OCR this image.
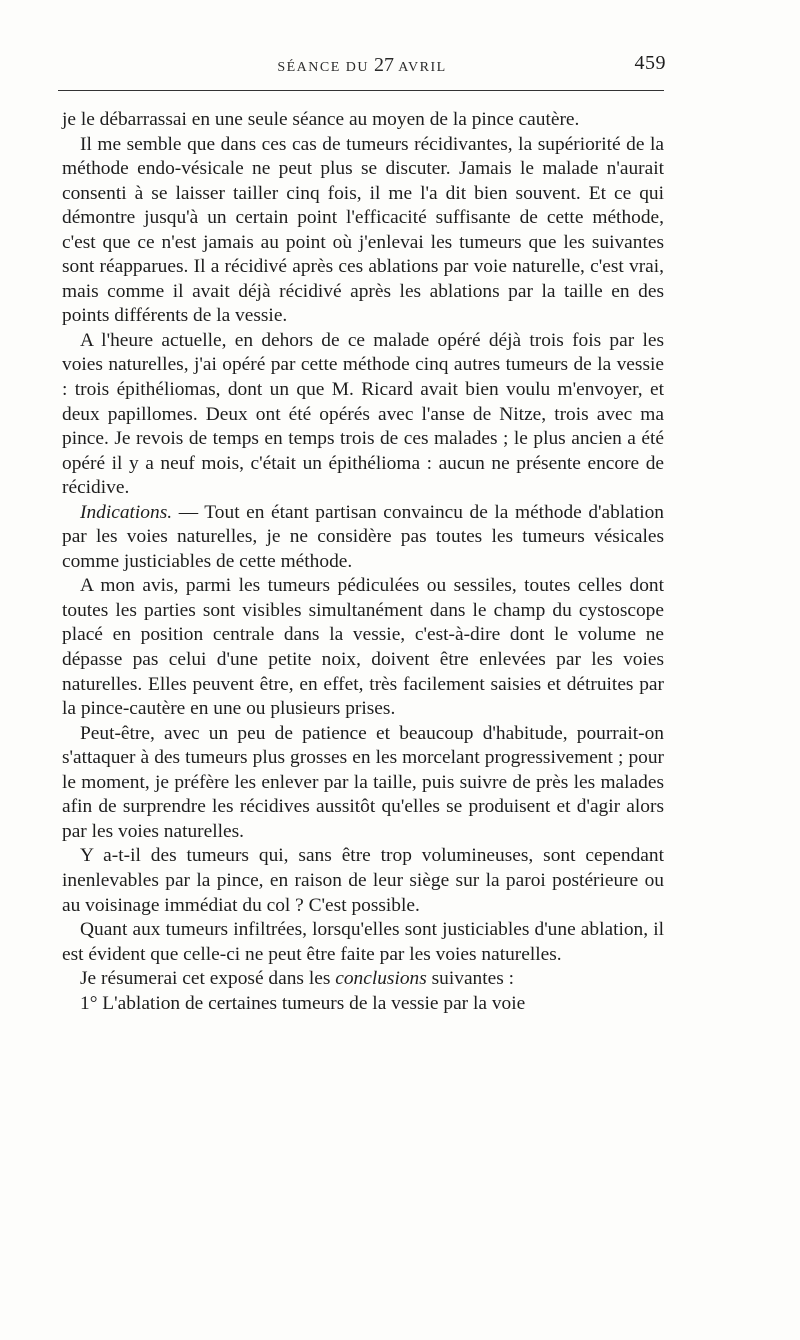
SÉANCE DU 27 AVRIL	459

je le débarrassai en une seule séance au moyen de la pince cautère.

Il me semble que dans ces cas de tumeurs récidivantes, la supériorité de la méthode endo-vésicale ne peut plus se discuter. Jamais le malade n'aurait consenti à se laisser tailler cinq fois, il me l'a dit bien souvent. Et ce qui démontre jusqu'à un certain point l'efficacité suffisante de cette méthode, c'est que ce n'est jamais au point où j'enlevai les tumeurs que les suivantes sont réapparues. Il a récidivé après ces ablations par voie naturelle, c'est vrai, mais comme il avait déjà récidivé après les ablations par la taille en des points différents de la vessie.

A l'heure actuelle, en dehors de ce malade opéré déjà trois fois par les voies naturelles, j'ai opéré par cette méthode cinq autres tumeurs de la vessie : trois épithéliomas, dont un que M. Ricard avait bien voulu m'envoyer, et deux papillomes. Deux ont été opérés avec l'anse de Nitze, trois avec ma pince. Je revois de temps en temps trois de ces malades ; le plus ancien a été opéré il y a neuf mois, c'était un épithélioma : aucun ne présente encore de récidive.

Indications. — Tout en étant partisan convaincu de la méthode d'ablation par les voies naturelles, je ne considère pas toutes les tumeurs vésicales comme justiciables de cette méthode.

A mon avis, parmi les tumeurs pédiculées ou sessiles, toutes celles dont toutes les parties sont visibles simultanément dans le champ du cystoscope placé en position centrale dans la vessie, c'est-à-dire dont le volume ne dépasse pas celui d'une petite noix, doivent être enlevées par les voies naturelles. Elles peuvent être, en effet, très facilement saisies et détruites par la pince-cautère en une ou plusieurs prises.

Peut-être, avec un peu de patience et beaucoup d'habitude, pourrait-on s'attaquer à des tumeurs plus grosses en les morcelant progressivement ; pour le moment, je préfère les enlever par la taille, puis suivre de près les malades afin de surprendre les récidives aussitôt qu'elles se produisent et d'agir alors par les voies naturelles.

Y a-t-il des tumeurs qui, sans être trop volumineuses, sont cependant inenlevables par la pince, en raison de leur siège sur la paroi postérieure ou au voisinage immédiat du col ? C'est possible.

Quant aux tumeurs infiltrées, lorsqu'elles sont justiciables d'une ablation, il est évident que celle-ci ne peut être faite par les voies naturelles.

Je résumerai cet exposé dans les conclusions suivantes :

1° L'ablation de certaines tumeurs de la vessie par la voie
